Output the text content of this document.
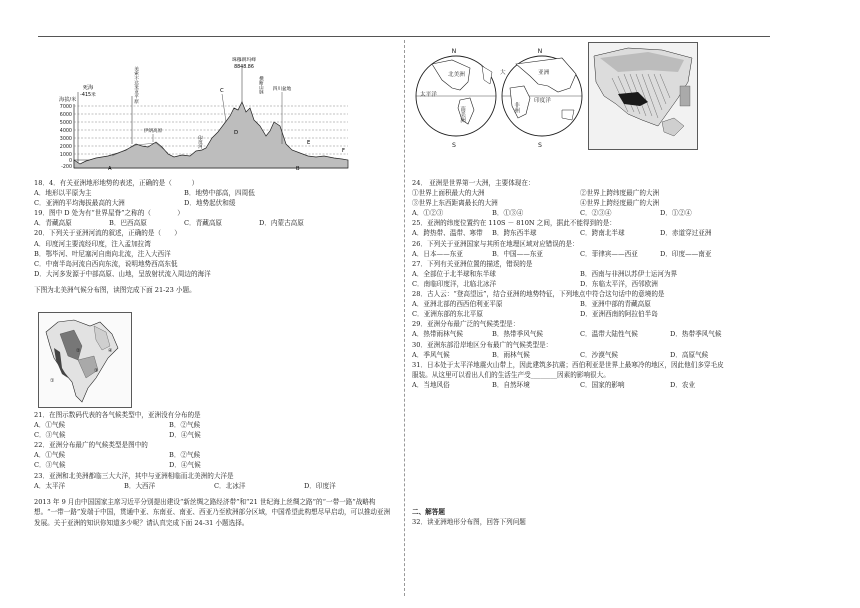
海拔/米
7000
6000
5000
4000
3000
2000
1000
0
-200
死海
-415米	美索不达米亚平原
伊朗高原
珠穆朗玛峰
8848.86
C
D
印度河
横断山脉 四川盆地
E
F
A	B
18．4．有关亚洲地形地势的表述，正确的是（　　　）
A．地形以平原为主	B．地势中部高，四周低
C．亚洲的平均海拔最高的大洲	D．地势起伏和缓
19．图中 D 处为有“世界屋脊”之称的（　　　　）
A．青藏高原	B．巴西高原	C．青藏高原	D．内蒙古高原
20．下列关于亚洲河流的叙述，正确的是（　　）
A．印度河主要流经印度，注入孟加拉湾
B．鄂毕河、叶尼塞河自南向北流，注入大西洋
C．中南半岛河流自西向东流，说明地势西高东低
D．大河多发源于中部高原、山地，呈放射状流入周边的海洋
下图为北美洲气候分布图，读图完成下面 21-23 小题。
①
②
③
④
21．在图示数码代表的各气候类型中，亚洲没有分布的是
A．①气候	B．②气候
C．③气候	D．④气候
22．亚洲分布最广的气候类型是图中的
A．①气候	B．②气候
C．③气候	D．④气候
23．亚洲和北美洲都临三大大洋，其中与亚洲相临而北美洲的大洋是
A．太平洋	B．大西洋	C．北冰洋	D．印度洋
2013 年 9 月由中国国家主席习近平分别提出建设“新丝绸之路经济带”和“21 世纪海上丝绸之路”的“一带一路”战略构想。“一带一路”发端于中国，贯通中亚、东南亚、南亚、西亚乃至欧洲部分区域，中国希望此构想尽早启动，可以推动亚洲发展。关于亚洲的知识你知道多少呢？请认真完成下面 24-31 小题选择。
N
S
N
S
北美洲
太平洋
南美洲	非洲
亚洲
印度洋
大
24． 亚洲是世界第一大洲，主要体现在：
①世界上面积最大的大洲	②世界上跨纬度最广的大洲
③世界上东西距离最长的大洲	④世界上跨经度最广的大洲
A．①②③	B．①③④	C．②③④	D．①②④
25．亚洲的纬度位置约在 110S － 810N 之间，据此不能得到的是：
A．跨热带、温带、寒带	B．跨东西半球	C．跨南北半球	D．赤道穿过亚洲
26．下列关于亚洲国家与其所在地理区域对应错误的是：
A．日本——东亚	B．中国——东亚	C．菲律宾——西亚	D．印度——南亚
27．下列有关亚洲位置的描述，错误的是
A．全部位于北半球和东半球	B．西南与非洲以苏伊士运河为界
C．南临印度洋，北临北冰洋	D．东临太平洋，西邻欧洲
28．古人云：“登高望远”，结合亚洲的地势特征，下列地点中符合这句话中的意境的是
A．亚洲北部的西西伯利亚平原	B．亚洲中部的青藏高原
C．亚洲东部的东北平原	D．亚洲西南的阿拉伯半岛
29．亚洲分布最广泛的气候类型是：
A．热带雨林气候	B．热带季风气候	C．温带大陆性气候	D．热带季风气候
30．亚洲东部沿岸地区分布最广的气候类型是：
A．季风气候	B．雨林气候	C．沙漠气候	D．高原气候
31．日本处于太平洋地震火山带上，因此建筑多抗震；西伯利亚是世界上最寒冷的地区，因此他们多穿毛皮
服装。从这里可以看出人们的生活生产受________因素的影响很大。
A．当地风俗	B．自然环境	C．国家的影响	D．农业
二、解答题
32．读亚洲地形分布图，回答下列问题
